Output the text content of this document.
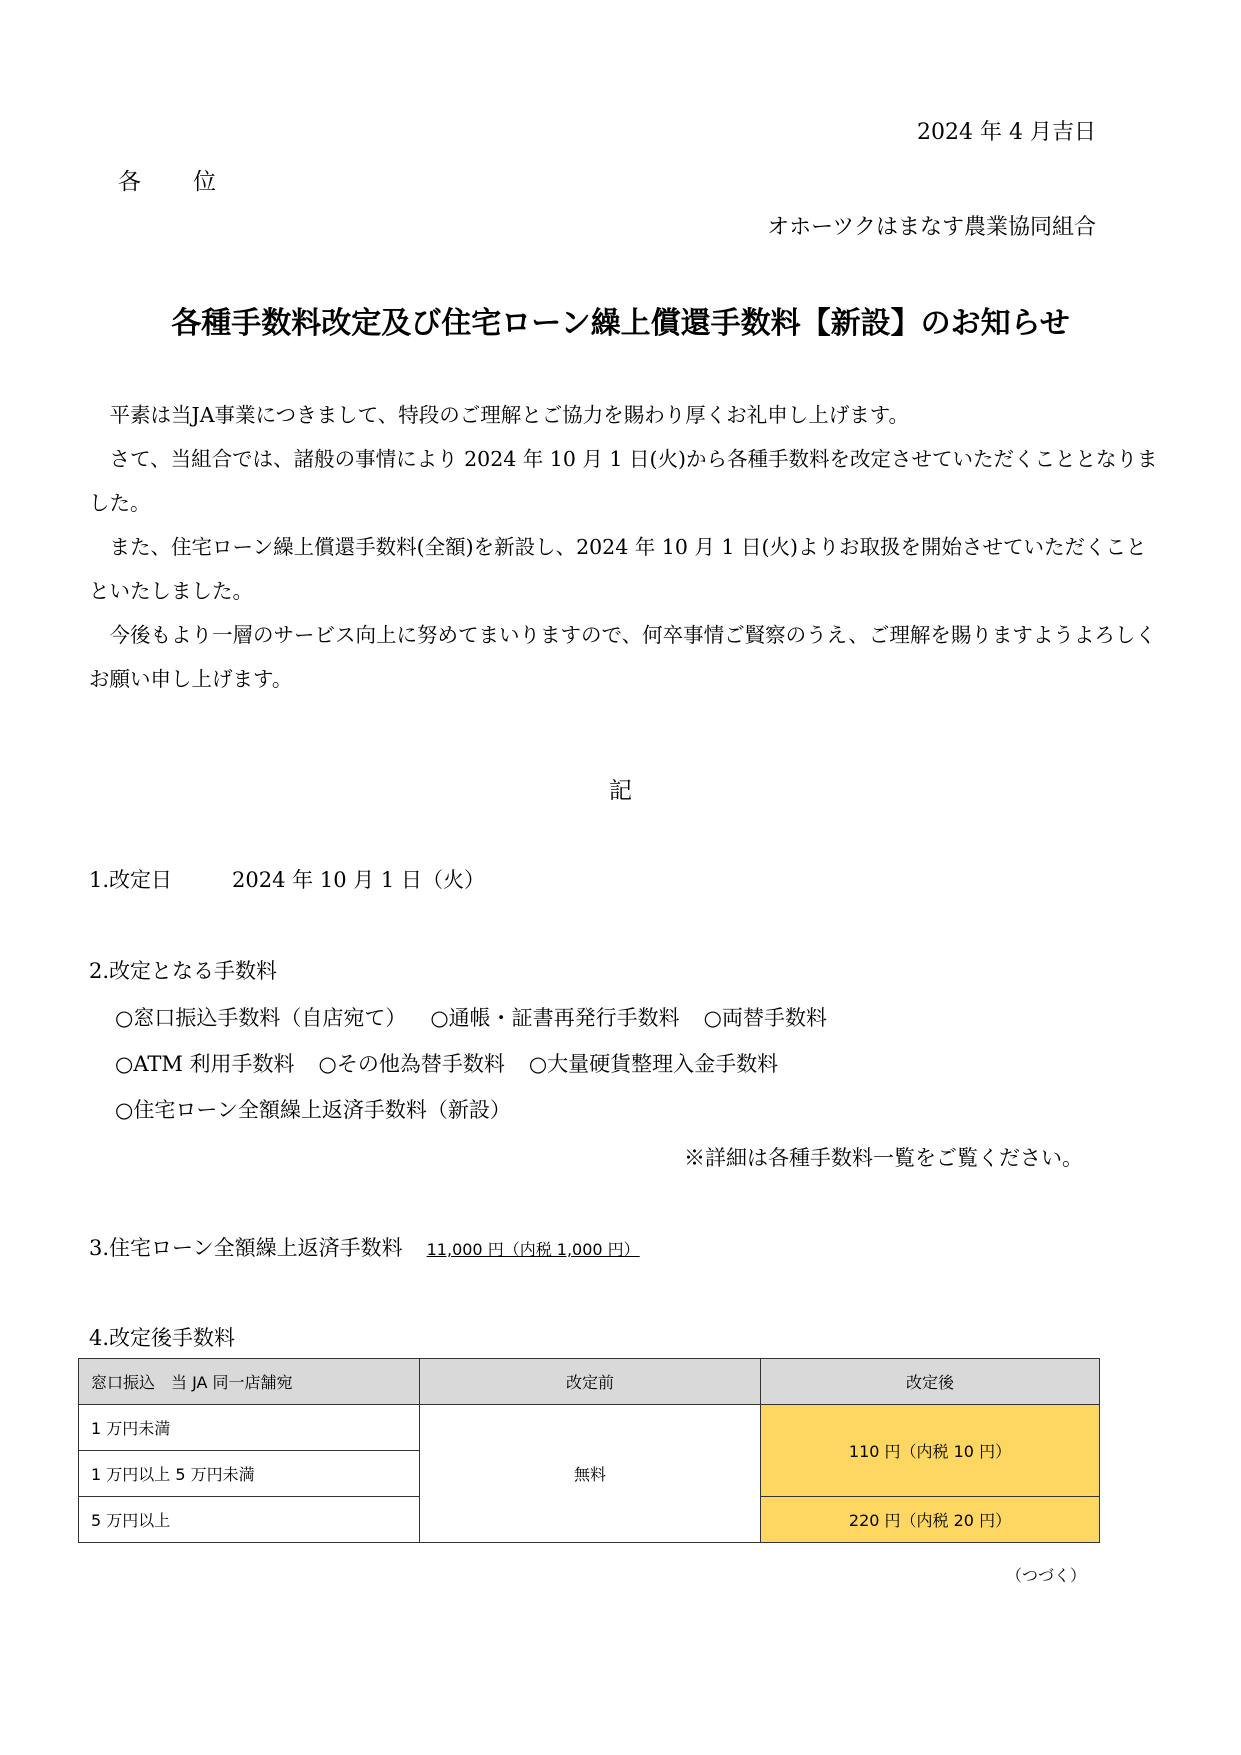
2024 年 4 月吉日
各　　位
オホーツクはまなす農業協同組合
各種手数料改定及び住宅ローン繰上償還手数料【新設】のお知らせ

平素は当JA事業につきまして、特段のご理解とご協力を賜わり厚くお礼申し上げます。

さて、当組合では、諸般の事情により 2024 年 10 月 1 日(火)から各種手数料を改定させていただくこととなりました。

また、住宅ローン繰上償還手数料(全額)を新設し、2024 年 10 月 1 日(火)よりお取扱を開始させていただくことといたしました。

今後もより一層のサービス向上に努めてまいりますので、何卒事情ご賢察のうえ、ご理解を賜りますようよろしくお願い申し上げます。

記
1.改定日	2024 年 10 月 1 日（火）
2.改定となる手数料
○窓口振込手数料（自店宛て） ○通帳・証書再発行手数料 ○両替手数料
○ATM 利用手数料 ○その他為替手数料 ○大量硬貨整理入金手数料
○住宅ローン全額繰上返済手数料（新設）
※詳細は各種手数料一覧をご覧ください。
3.住宅ローン全額繰上返済手数料 11,000 円（内税 1,000 円）
4.改定後手数料
窓口振込　当 JA 同一店舗宛	改定前	改定後
1 万円未満	無料	110 円（内税 10 円）
1 万円以上 5 万円未満		
5 万円以上		220 円（内税 20 円）
（つづく）
